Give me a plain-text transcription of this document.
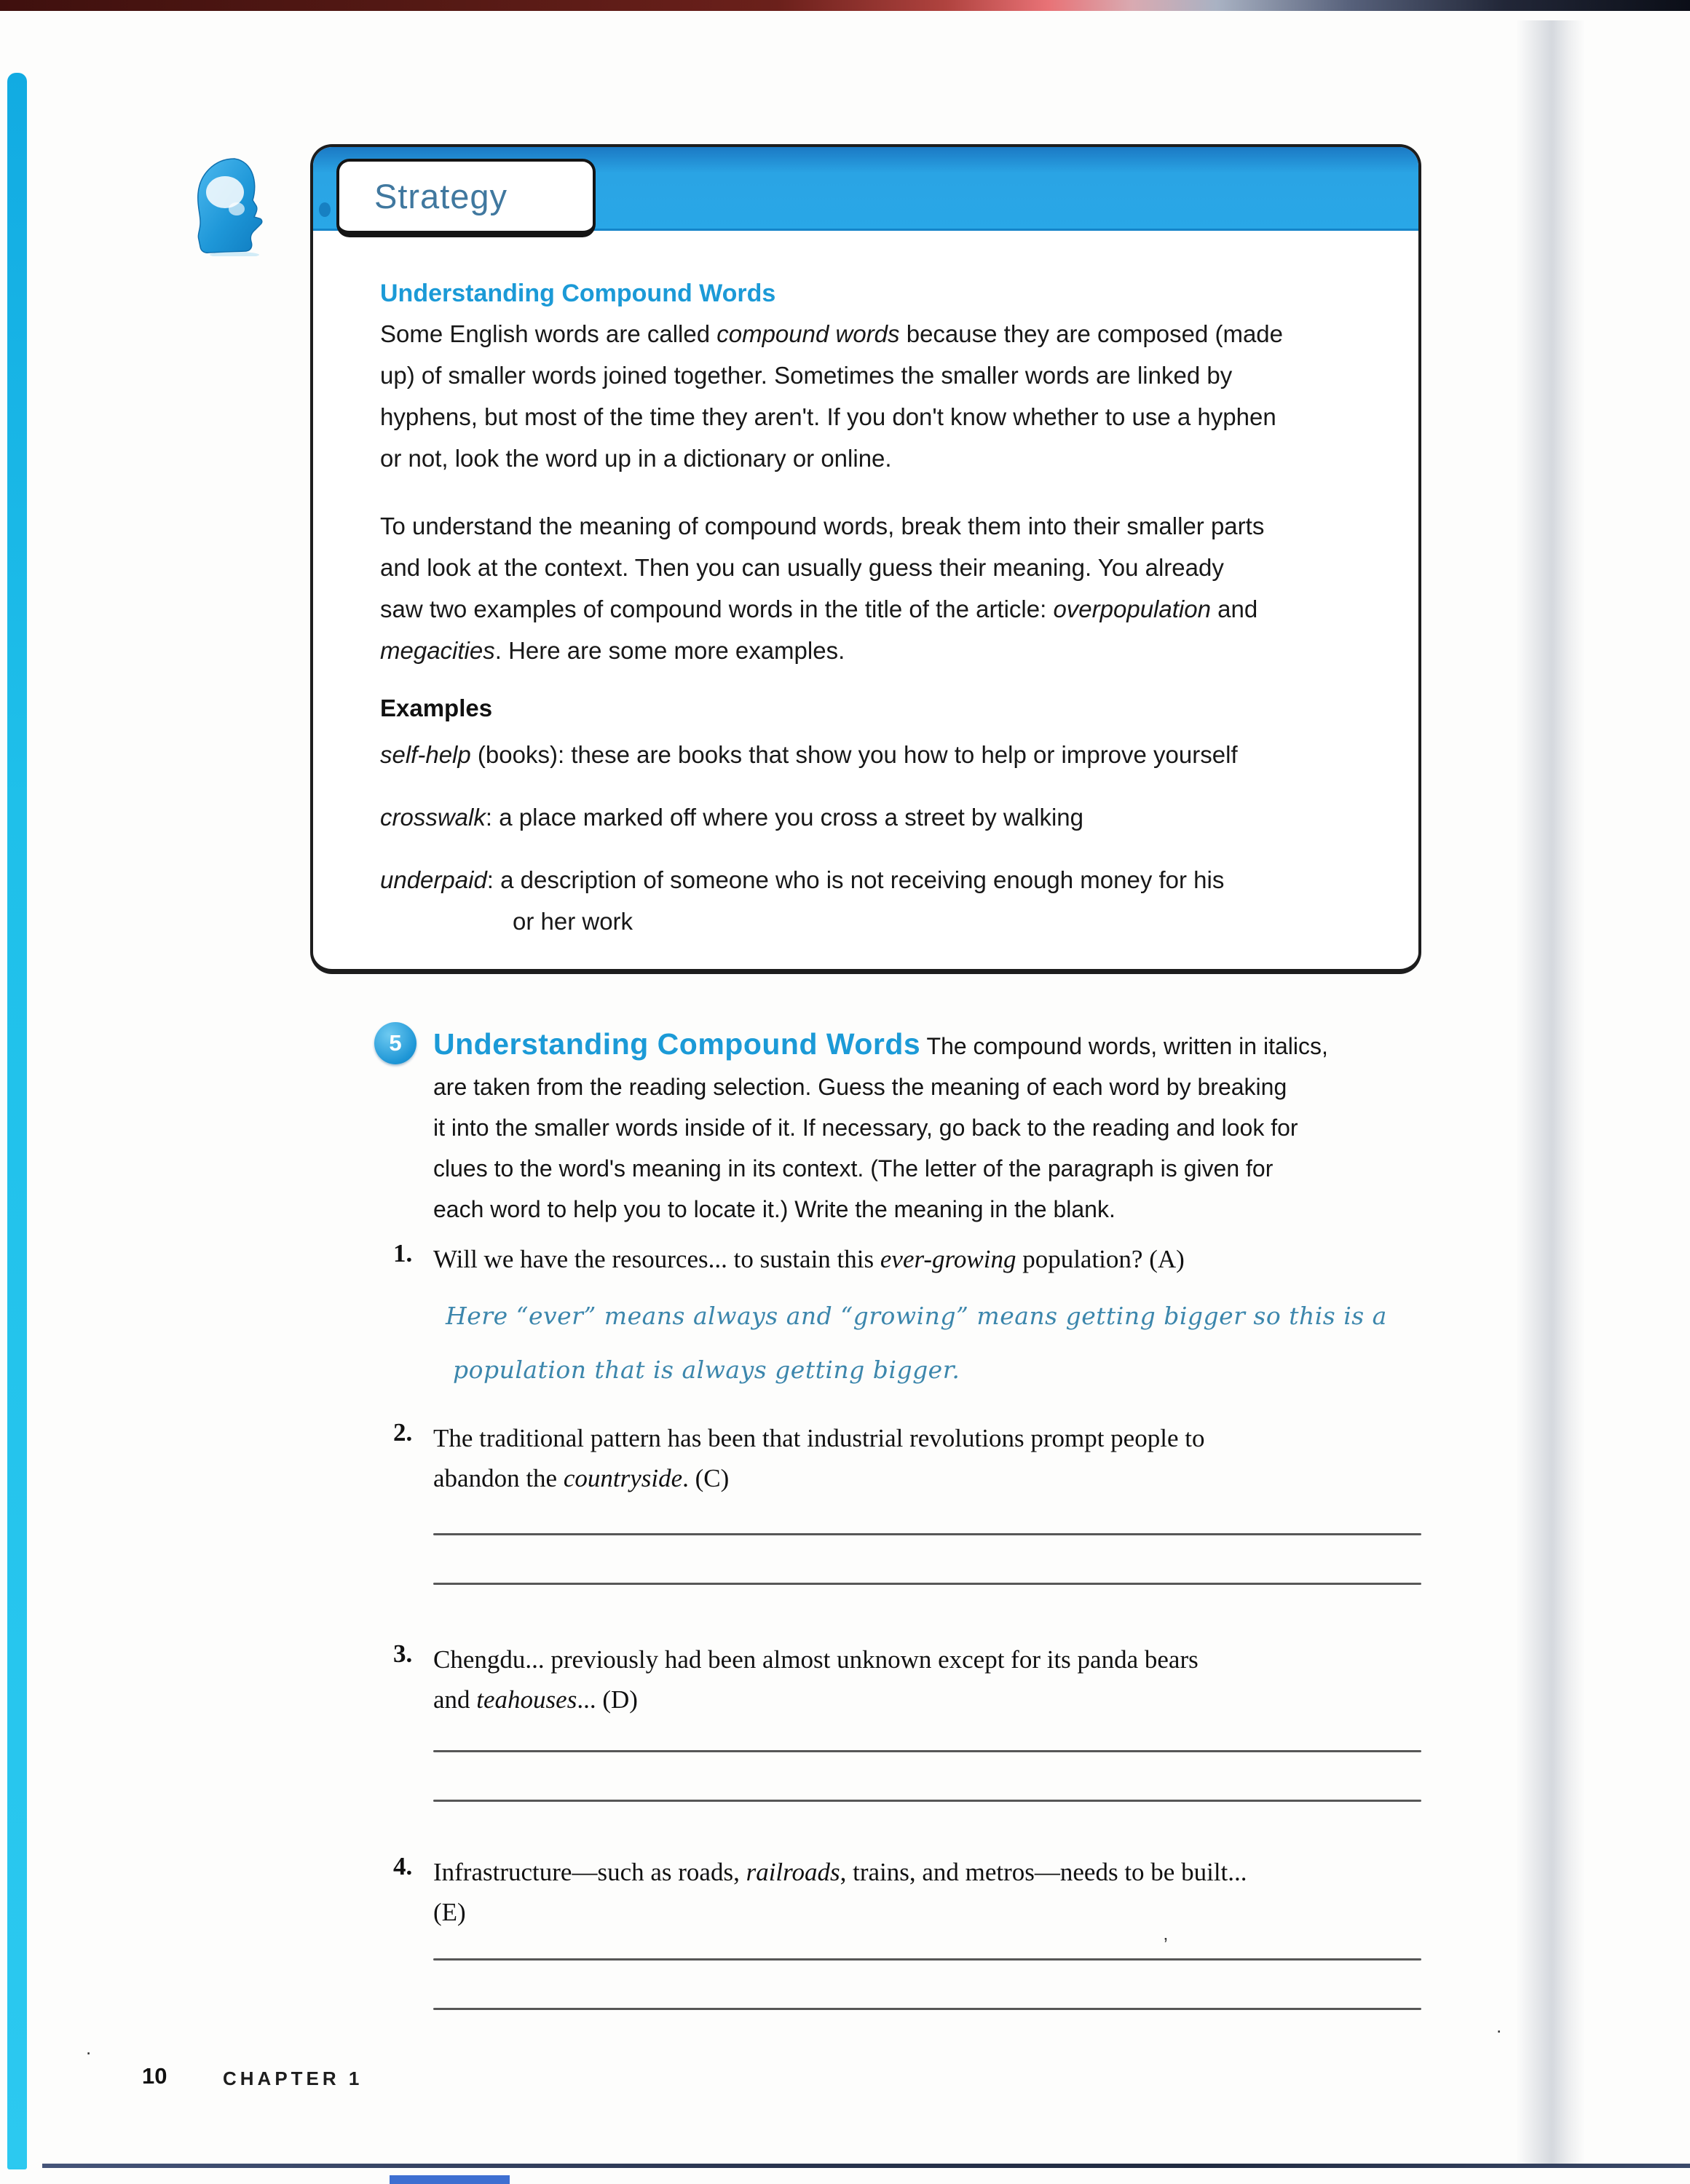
Understanding Compound Words
Some English words are called compound words because they are composed (made
up) of smaller words joined together. Sometimes the smaller words are linked by
hyphens, but most of the time they aren't. If you don't know whether to use a hyphen
or not, look the word up in a dictionary or online.
To understand the meaning of compound words, break them into their smaller parts
and look at the context. Then you can usually guess their meaning. You already
saw two examples of compound words in the title of the article: overpopulation and
megacities. Here are some more examples.
Examples
self-help (books): these are books that show you how to help or improve yourself
crosswalk: a place marked off where you cross a street by walking
underpaid: a description of someone who is not receiving enough money for his
or her work
Strategy
5 Understanding Compound Words The compound words, written in italics,
are taken from the reading selection. Guess the meaning of each word by breaking
it into the smaller words inside of it. If necessary, go back to the reading and look for
clues to the word's meaning in its context. (The letter of the paragraph is given for
each word to help you to locate it.) Write the meaning in the blank.
1. Will we have the resources... to sustain this ever-growing population? (A)
Here “ever” means always and “growing” means getting bigger so this is a
population that is always getting bigger.
2. The traditional pattern has been that industrial revolutions prompt people to
abandon the countryside. (C)
3. Chengdu... previously had been almost unknown except for its panda bears
and teahouses... (D)
4. Infrastructure—such as roads, railroads, trains, and metros—needs to be built...
(E)
’
.
.
10	CHAPTER 1
